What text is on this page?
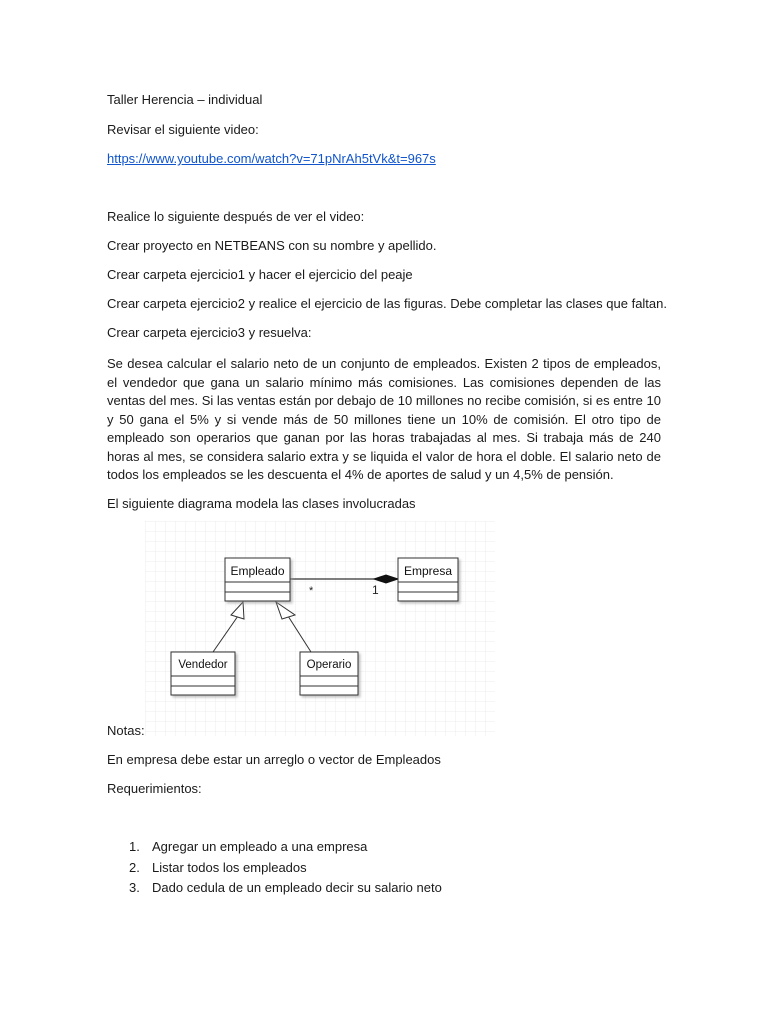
Taller Herencia – individual

Revisar el siguiente video:

https://www.youtube.com/watch?v=71pNrAh5tVk&t=967s

Realice lo siguiente después de ver el video:

Crear proyecto en NETBEANS con su nombre y apellido.

Crear carpeta ejercicio1 y hacer el ejercicio del peaje

Crear carpeta ejercicio2 y realice el ejercicio de las figuras. Debe completar las clases que faltan.

Crear carpeta ejercicio3 y resuelva:

Se desea calcular el salario neto de un conjunto de empleados. Existen 2 tipos de empleados, el vendedor que gana un salario mínimo más comisiones. Las comisiones dependen de las ventas del mes. Si las ventas están por debajo de 10 millones no recibe comisión, si es entre 10 y 50 gana el 5% y si vende más de 50 millones tiene un 10% de comisión. El otro tipo de empleado son operarios que ganan por las horas trabajadas al mes. Si trabaja más de 240 horas al mes, se considera salario extra y se liquida el valor de hora el doble. El salario neto de todos los empleados se les descuenta el 4% de aportes de salud y un 4,5% de pensión.

El siguiente diagrama modela las clases involucradas

*	1
Empleado	Empresa
Vendedor	Operario

Notas:

En empresa debe estar un arreglo o vector de Empleados

Requerimientos:

1. Agregar un empleado a una empresa
2. Listar todos los empleados
3. Dado cedula de un empleado decir su salario neto
